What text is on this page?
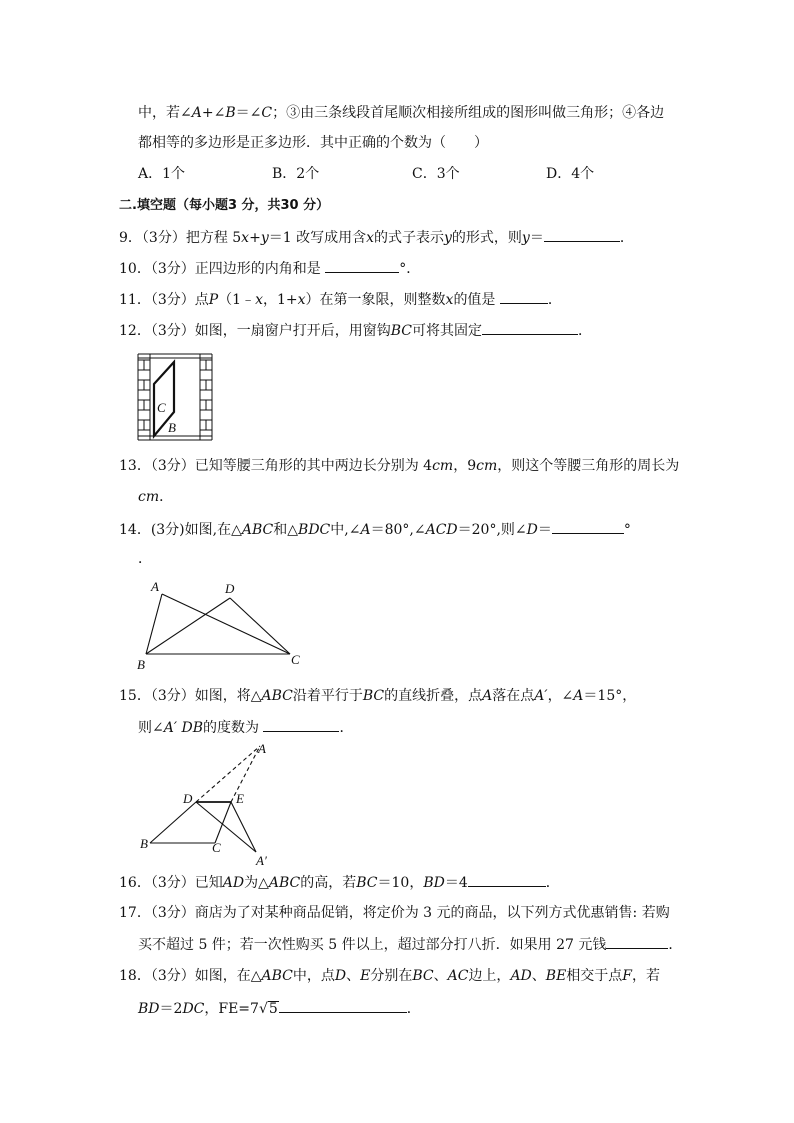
中，若∠A+∠B＝∠C；③由三条线段首尾顺次相接所组成的图形叫做三角形；④各边
都相等的多边形是正多边形．其中正确的个数为（　　）
A．1个	B．2个	C．3个	D．4个
二.填空题（每小题3 分，共30 分）
9．（3分）把方程 5x+y＝1 改写成用含x的式子表示y的形式，则y＝	．
10．（3分）正四边形的内角和是	°．
11．（3分）点P（1﹣x，1+x）在第一象限，则整数x的值是	．
12．（3分）如图，一扇窗户打开后，用窗钩BC可将其固定	．
C
B
13．（3分）已知等腰三角形的其中两边长分别为 4cm，9cm，则这个等腰三角形的周长为
cm．
14．(3分)如图,在△ABC和△BDC中,∠A＝80°,∠ACD＝20°,则∠D＝	°
．
A	D
B	C
15．（3分）如图，将△ABC沿着平行于BC的直线折叠，点A落在点A′，∠A＝15°，
则∠A′ DB的度数为	．
A
D	E
B	C
A′
16．（3分）已知AD为△ABC的高，若BC＝10，BD＝4	．
17．（3分）商店为了对某种商品促销，将定价为 3 元的商品，以下列方式优惠销售: 若购
买不超过 5 件；若一次性购买 5 件以上，超过部分打八折．如果用 27 元钱	．
18．（3分）如图，在△ABC中，点D、E分别在BC、AC边上，AD、BE相交于点F，若
BD＝2DC，FE=7√5	．
